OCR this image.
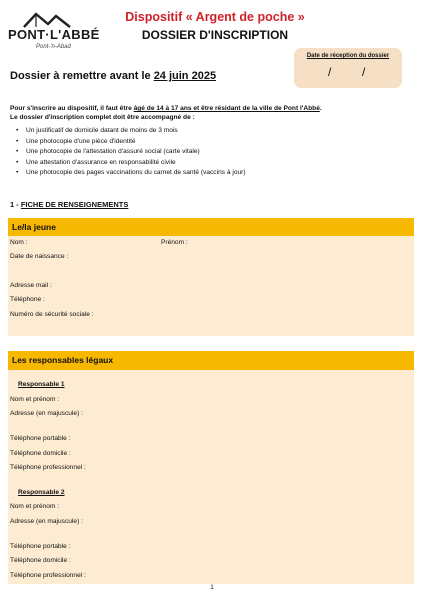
PONT·L'ABBÉ
Pont-'n-Abad
Dispositif « Argent de poche »
DOSSIER D'INSCRIPTION
Date de réception du dossier
/	/
Dossier à remettre avant le 24 juin 2025
Pour s'inscrire au dispositif, il faut être âgé de 14 à 17 ans et être résidant de la ville de Pont l'Abbé.
Le dossier d'inscription complet doit être accompagné de :
• Un justificatif de domicile datant de moins de 3 mois
• Une photocopie d'une pièce d'identité
• Une photocopie de l'attestation d'assuré social (carte vitale)
• Une attestation d'assurance en responsabilité civile
• Une photocopie des pages vaccinations du carnet de santé (vaccins à jour)
1 - FICHE DE RENSEIGNEMENTS
Le/la jeune
Nom :	Prénom :
Date de naissance :
Adresse mail :
Téléphone :
Numéro de sécurité sociale :
Les responsables légaux
Responsable 1
Nom et prénom :
Adresse (en majuscule) :
Téléphone portable :
Téléphone domicile :
Téléphone professionnel :
Responsable 2
Nom et prénom :
Adresse (en majuscule) :
Téléphone portable :
Téléphone domicile :
Téléphone professionnel :
1
